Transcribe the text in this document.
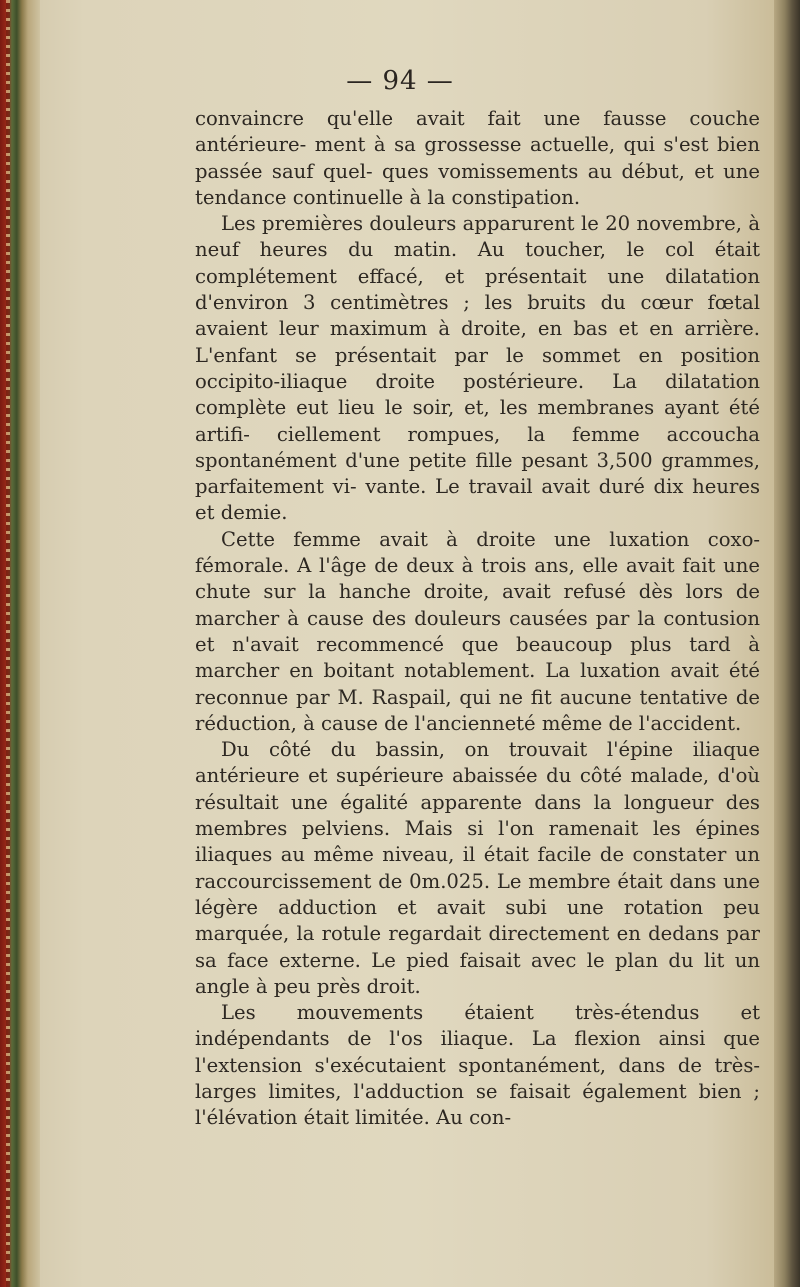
— 94 —

convaincre qu'elle avait fait une fausse couche antérieure- ment à sa grossesse actuelle, qui s'est bien passée sauf quel- ques vomissements au début, et une tendance continuelle à la constipation.

Les premières douleurs apparurent le 20 novembre, à neuf heures du matin. Au toucher, le col était complétement effacé, et présentait une dilatation d'environ 3 centimètres ; les bruits du cœur fœtal avaient leur maximum à droite, en bas et en arrière. L'enfant se présentait par le sommet en position occipito-iliaque droite postérieure. La dilatation complète eut lieu le soir, et, les membranes ayant été artifi- ciellement rompues, la femme accoucha spontanément d'une petite fille pesant 3,500 grammes, parfaitement vi- vante. Le travail avait duré dix heures et demie.

Cette femme avait à droite une luxation coxo-fémorale. A l'âge de deux à trois ans, elle avait fait une chute sur la hanche droite, avait refusé dès lors de marcher à cause des douleurs causées par la contusion et n'avait recommencé que beaucoup plus tard à marcher en boitant notablement. La luxation avait été reconnue par M. Raspail, qui ne fit aucune tentative de réduction, à cause de l'ancienneté même de l'accident.

Du côté du bassin, on trouvait l'épine iliaque antérieure et supérieure abaissée du côté malade, d'où résultait une égalité apparente dans la longueur des membres pelviens. Mais si l'on ramenait les épines iliaques au même niveau, il était facile de constater un raccourcissement de 0m.025. Le membre était dans une légère adduction et avait subi une rotation peu marquée, la rotule regardait directement en dedans par sa face externe. Le pied faisait avec le plan du lit un angle à peu près droit.

Les mouvements étaient très-étendus et indépendants de l'os iliaque. La flexion ainsi que l'extension s'exécutaient spontanément, dans de très-larges limites, l'adduction se faisait également bien ; l'élévation était limitée. Au con-
